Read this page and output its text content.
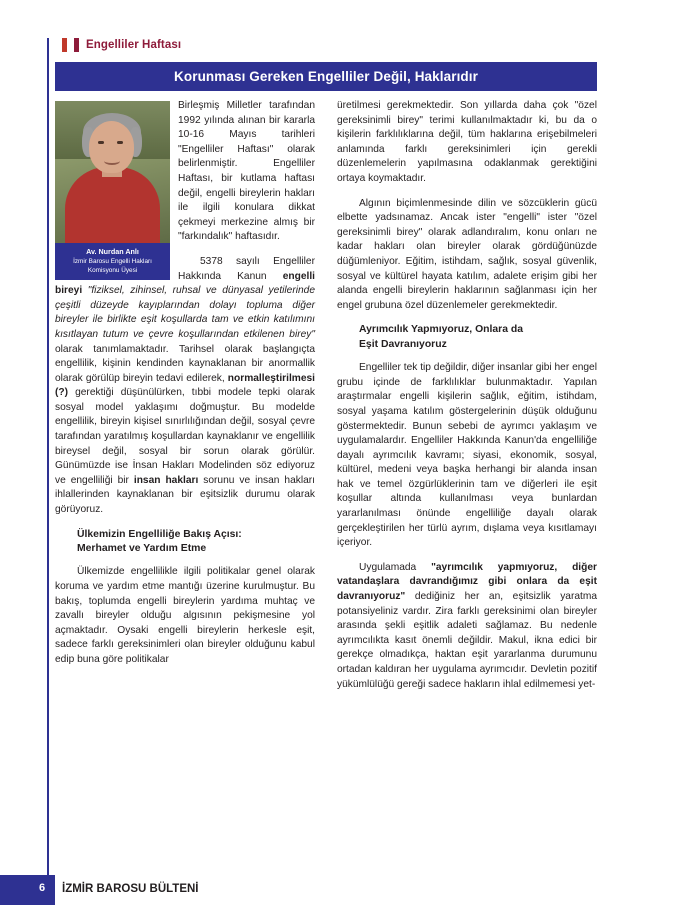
Engelliler Haftası
Korunması Gereken Engelliler Değil, Haklarıdır
Av. Nurdan Anlı
İzmir Barosu Engelli Hakları
Komisyonu Üyesi

Birleşmiş Milletler tarafından 1992 yılında alınan bir kararla 10-16 Mayıs tarihleri "Engelliler Haftası" olarak belirlenmiştir. Engelliler Haftası, bir kutlama haftası değil, engelli bireylerin hakları ile ilgili konulara dikkat çekmeyi merkezine almış bir "farkındalık" haftasıdır.

5378 sayılı Engelliler Hakkında Kanun engelli bireyi "fiziksel, zihinsel, ruhsal ve dünyasal yetilerinde çeşitli düzeyde kayıplarından dolayı topluma diğer bireyler ile birlikte eşit koşullarda tam ve etkin katılımını kısıtlayan tutum ve çevre koşullarından etkilenen birey" olarak tanımlamaktadır. Tarihsel olarak başlangıçta engellilik, kişinin kendinden kaynaklanan bir anormallik olarak görülüp bireyin tedavi edilerek, normalleştirilmesi (?) gerektiği düşünülürken, tıbbi modele tepki olarak sosyal model yaklaşımı doğmuştur. Bu modelde engellilik, bireyin kişisel sınırlılığından değil, sosyal çevre tarafından yaratılmış koşullardan kaynaklanır ve engellilik bireysel değil, sosyal bir sorun olarak görülür. Günümüzde ise İnsan Hakları Modelinden söz ediyoruz ve engelliliği bir insan hakları sorunu ve insan hakları ihlallerinden kaynaklanan bir eşitsizlik durumu olarak görüyoruz.

Ülkemizin Engelliliğe Bakış Açısı:
Merhamet ve Yardım Etme

Ülkemizde engellilikle ilgili politikalar genel olarak koruma ve yardım etme mantığı üzerine kurulmuştur. Bu bakış, toplumda engelli bireylerin yardıma muhtaç ve zavallı bireyler olduğu algısının pekişmesine yol açmaktadır. Oysaki engelli bireylerin herkesle eşit, sadece farklı gereksinimleri olan bireyler olduğunu kabul edip buna göre politikalar

üretilmesi gerekmektedir. Son yıllarda daha çok "özel gereksinimli birey" terimi kullanılmaktadır ki, bu da o kişilerin farklılıklarına değil, tüm haklarına erişebilmeleri anlamında farklı gereksinimleri için gerekli düzenlemelerin yapılmasına odaklanmak gerektiğini ortaya koymaktadır.

Algının biçimlenmesinde dilin ve sözcüklerin gücü elbette yadsınamaz. Ancak ister "engelli" ister "özel gereksinimli birey" olarak adlandıralım, konu onları ne kadar hakları olan bireyler olarak gördüğünüzde düğümleniyor. Eğitim, istihdam, sağlık, sosyal güvenlik, sosyal ve kültürel hayata katılım, adalete erişim gibi her alanda engelli bireylerin haklarının sağlanması için her engel grubuna özel düzenlemeler gerekmektedir.

Ayrımcılık Yapmıyoruz, Onlara da
Eşit Davranıyoruz

Engelliler tek tip değildir, diğer insanlar gibi her engel grubu içinde de farklılıklar bulunmaktadır. Yapılan araştırmalar engelli kişilerin sağlık, eğitim, istihdam, sosyal yaşama katılım göstergelerinin düşük olduğunu göstermektedir. Bunun sebebi de ayrımcı yaklaşım ve uygulamalardır. Engelliler Hakkında Kanun'da engelliliğe dayalı ayrımcılık kavramı; siyasi, ekonomik, sosyal, kültürel, medeni veya başka herhangi bir alanda insan hak ve temel özgürlüklerinin tam ve diğerleri ile eşit koşullar altında kullanılması veya bunlardan yararlanılması önünde engelliliğe dayalı olarak gerçekleştirilen her türlü ayrım, dışlama veya kısıtlamayı içeriyor.

Uygulamada "ayrımcılık yapmıyoruz, diğer vatandaşlara davrandığımız gibi onlara da eşit davranıyoruz" dediğiniz her an, eşitsizlik yaratma potansiyeliniz vardır. Zira farklı gereksinimi olan bireyler arasında şekli eşitlik adaleti sağlamaz. Bu nedenle ayrımcılıkta kasıt önemli değildir. Makul, ikna edici bir gerekçe olmadıkça, haktan eşit yararlanma durumunu ortadan kaldıran her uygulama ayrımcıdır. Devletin pozitif yükümlülüğü gereği sadece hakların ihlal edilmemesi yet-

6 İZMİR BAROSU BÜLTENİ
